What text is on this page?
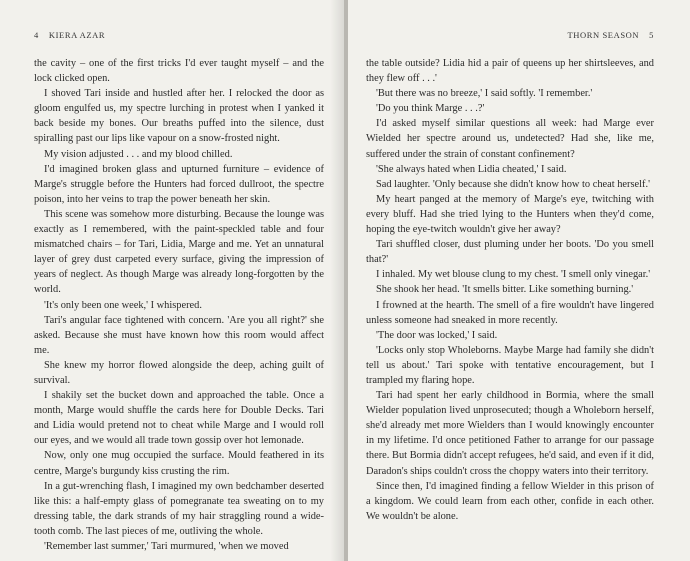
4 KIERA AZAR

the cavity – one of the first tricks I'd ever taught myself – and the lock clicked open.

I shoved Tari inside and hustled after her. I relocked the door as gloom engulfed us, my spectre lurching in protest when I yanked it back beside my bones. Our breaths puffed into the silence, dust spiralling past our lips like vapour on a snow-frosted night.

My vision adjusted . . . and my blood chilled.

I'd imagined broken glass and upturned furniture – evidence of Marge's struggle before the Hunters had forced dullroot, the spectre poison, into her veins to trap the power beneath her skin.

This scene was somehow more disturbing. Because the lounge was exactly as I remembered, with the paint-speckled table and four mismatched chairs – for Tari, Lidia, Marge and me. Yet an unnatural layer of grey dust carpeted every surface, giving the impression of years of neglect. As though Marge was already long-forgotten by the world.

'It's only been one week,' I whispered.

Tari's angular face tightened with concern. 'Are you all right?' she asked. Because she must have known how this room would affect me.

She knew my horror flowed alongside the deep, aching guilt of survival.

I shakily set the bucket down and approached the table. Once a month, Marge would shuffle the cards here for Double Decks. Tari and Lidia would pretend not to cheat while Marge and I would roll our eyes, and we would all trade town gossip over hot lemonade.

Now, only one mug occupied the surface. Mould feathered in its centre, Marge's burgundy kiss crusting the rim.

In a gut-wrenching flash, I imagined my own bedchamber deserted like this: a half-empty glass of pomegranate tea sweating on to my dressing table, the dark strands of my hair straggling round a wide-tooth comb. The last pieces of me, outliving the whole.

'Remember last summer,' Tari murmured, 'when we moved

THORN SEASON 5

the table outside? Lidia hid a pair of queens up her shirtsleeves, and they flew off . . .'

'But there was no breeze,' I said softly. 'I remember.'

'Do you think Marge . . .?'

I'd asked myself similar questions all week: had Marge ever Wielded her spectre around us, undetected? Had she, like me, suffered under the strain of constant confinement?

'She always hated when Lidia cheated,' I said.

Sad laughter. 'Only because she didn't know how to cheat herself.'

My heart panged at the memory of Marge's eye, twitching with every bluff. Had she tried lying to the Hunters when they'd come, hoping the eye-twitch wouldn't give her away?

Tari shuffled closer, dust pluming under her boots. 'Do you smell that?'

I inhaled. My wet blouse clung to my chest. 'I smell only vinegar.'

She shook her head. 'It smells bitter. Like something burning.'

I frowned at the hearth. The smell of a fire wouldn't have lingered unless someone had sneaked in more recently.

'The door was locked,' I said.

'Locks only stop Wholeborns. Maybe Marge had family she didn't tell us about.' Tari spoke with tentative encouragement, but I trampled my flaring hope.

Tari had spent her early childhood in Bormia, where the small Wielder population lived unprosecuted; though a Wholeborn herself, she'd already met more Wielders than I would knowingly encounter in my lifetime. I'd once petitioned Father to arrange for our passage there. But Bormia didn't accept refugees, he'd said, and even if it did, Daradon's ships couldn't cross the choppy waters into their territory.

Since then, I'd imagined finding a fellow Wielder in this prison of a kingdom. We could learn from each other, confide in each other. We wouldn't be alone.
